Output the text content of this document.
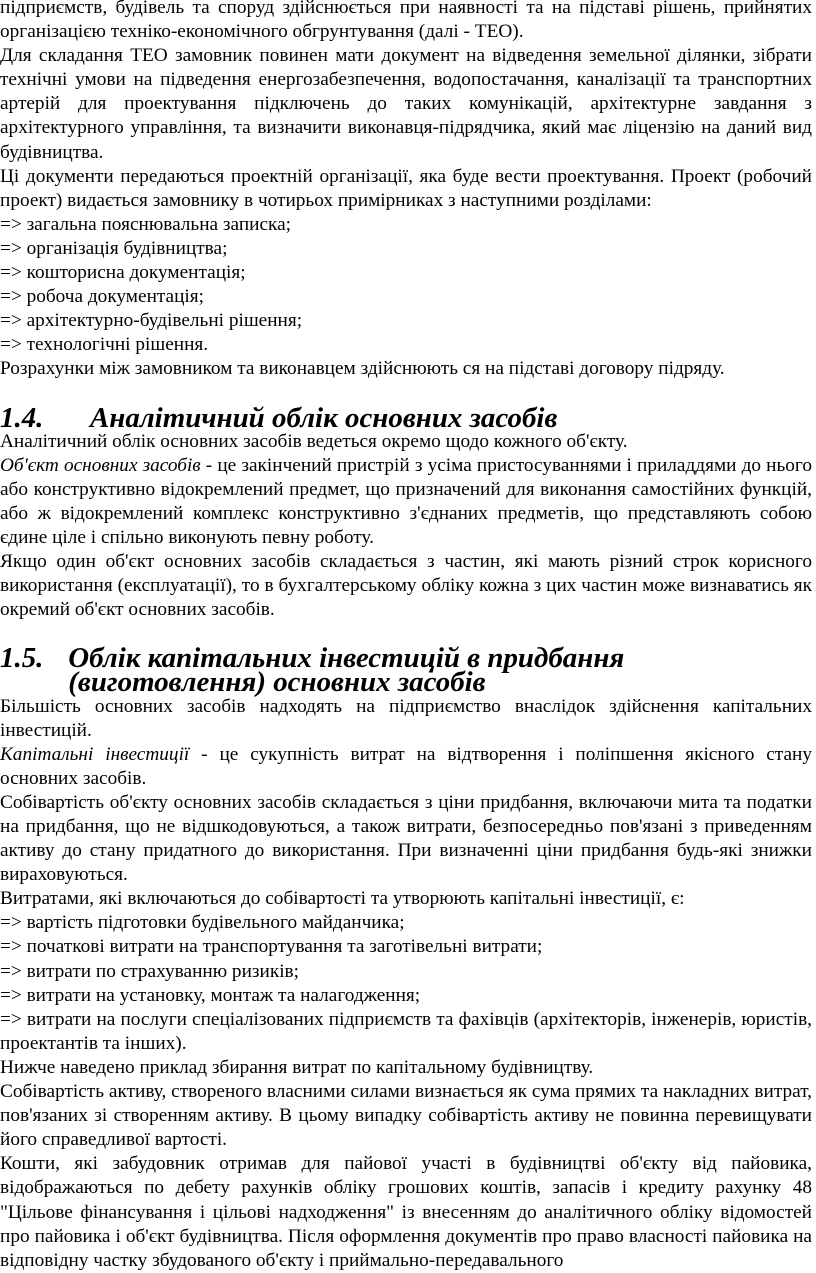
підприємств, будівель та споруд здійснюється при наявності та на підставі рішень, прийнятих організацією техніко-економічного обгрунтування (далі - ТЕО).

Для складання ТЕО замовник повинен мати документ на відведення земельної ділянки, зібрати технічні умови на підведення енергозабезпечення, водопостачання, каналізації та транспортних артерій для проектування підключень до таких комунікацій, архітектурне завдання з архітектурного управління, та визначити виконавця-підрядчика, який має ліцензію на даний вид будівництва.

Ці документи передаються проектній організації, яка буде вести проектування. Проект (робочий проект) видається замовнику в чотирьох примірниках з наступними розділами:

=> загальна пояснювальна записка;

=> організація будівництва;

=> кошторисна документація;

=> робоча документація;

=> архітектурно-будівельні рішення;

=> технологічні рішення.

Розрахунки між замовником та виконавцем здійснюють ся на підставі договору підряду.

1.4.	Аналітичний облік основних засобів

Аналітичний облік основних засобів ведеться окремо щодо кожного об'єкту.

Об'єкт основних засобів - це закінчений пристрій з усіма пристосуваннями і приладдями до нього або конструктивно відокремлений предмет, що призначений для виконання самостійних функцій, або ж відокремлений комплекс конструктивно з'єднаних предметів, що представляють собою єдине ціле і спільно виконують певну роботу.

Якщо один об'єкт основних засобів складається з частин, які мають різний строк корисного використання (експлуатації), то в бухгалтерському обліку кожна з цих частин може визнаватись як окремий об'єкт основних засобів.

1.5. Облік капітальних інвестицій в придбання (виготовлення) основних засобів

Більшість основних засобів надходять на підприємство внаслідок здійснення капітальних інвестицій.

Капітальні інвестиції - це сукупність витрат на відтворення і поліпшення якісного стану основних засобів.

Собівартість об'єкту основних засобів складається з ціни придбання, включаючи мита та податки на придбання, що не відшкодовуються, а також витрати, безпосередньо пов'язані з приведенням активу до стану придатного до використання. При визначенні ціни придбання будь-які знижки вираховуються.

Витратами, які включаються до собівартості та утворюють капітальні інвестиції, є:

=> вартість підготовки будівельного майданчика;

=> початкові витрати на транспортування та заготівельні витрати;

=> витрати по страхуванню ризиків;

=> витрати на установку, монтаж та налагодження;

=> витрати на послуги спеціалізованих підприємств та фахівців (архітекторів, інженерів, юристів, проектантів та інших).

Нижче наведено приклад збирання витрат по капітальному будівництву.

Собівартість активу, створеного власними силами визнається як сума прямих та накладних витрат, пов'язаних зі створенням активу. В цьому випадку собівартість активу не повинна перевищувати його справедливої вартості.

Кошти, які забудовник отримав для пайової участі в будівництві об'єкту від пайовика, відображаються по дебету рахунків обліку грошових коштів, запасів і кредиту рахунку 48 "Цільове фінансування і цільові надходження" із внесенням до аналітичного обліку відомостей про пайовика і об'єкт будівництва. Після оформлення документів про право власності пайовика на відповідну частку збудованого об'єкту і приймально-передавального
